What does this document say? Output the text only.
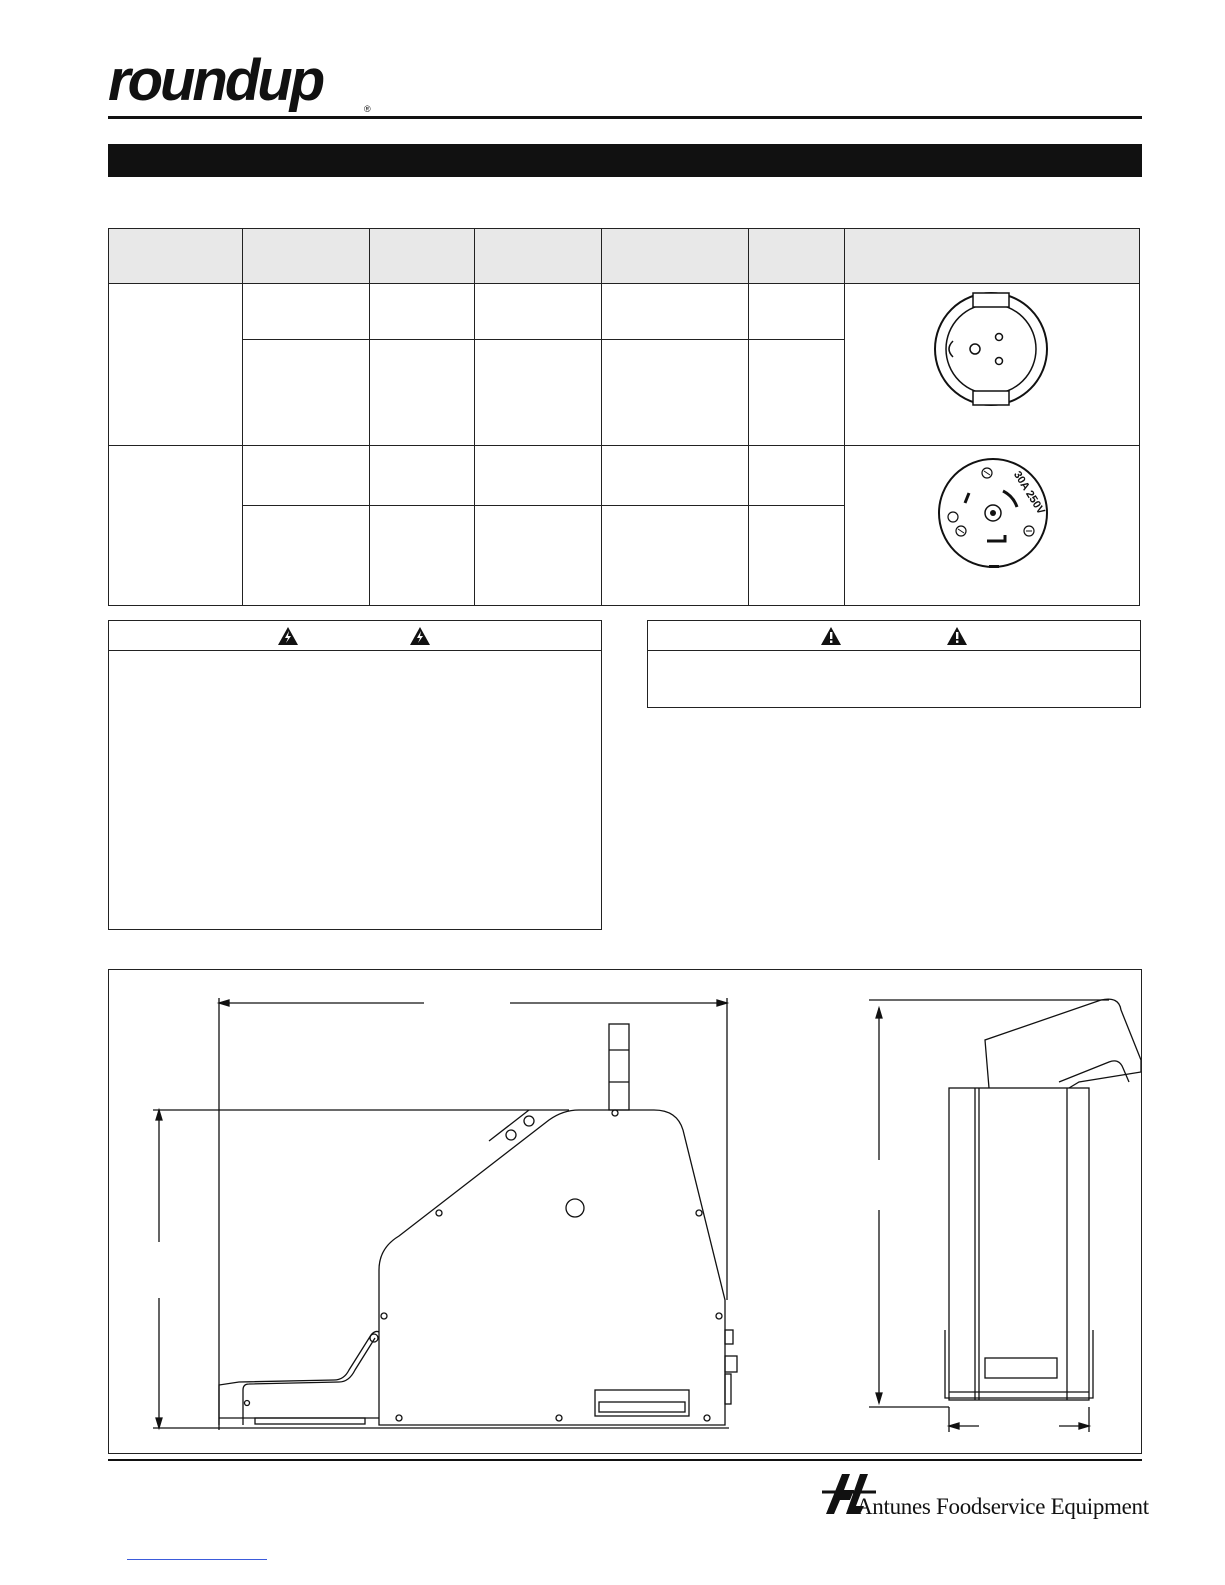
roundup	®
30A 250V
Antunes Foodservice Equipment
